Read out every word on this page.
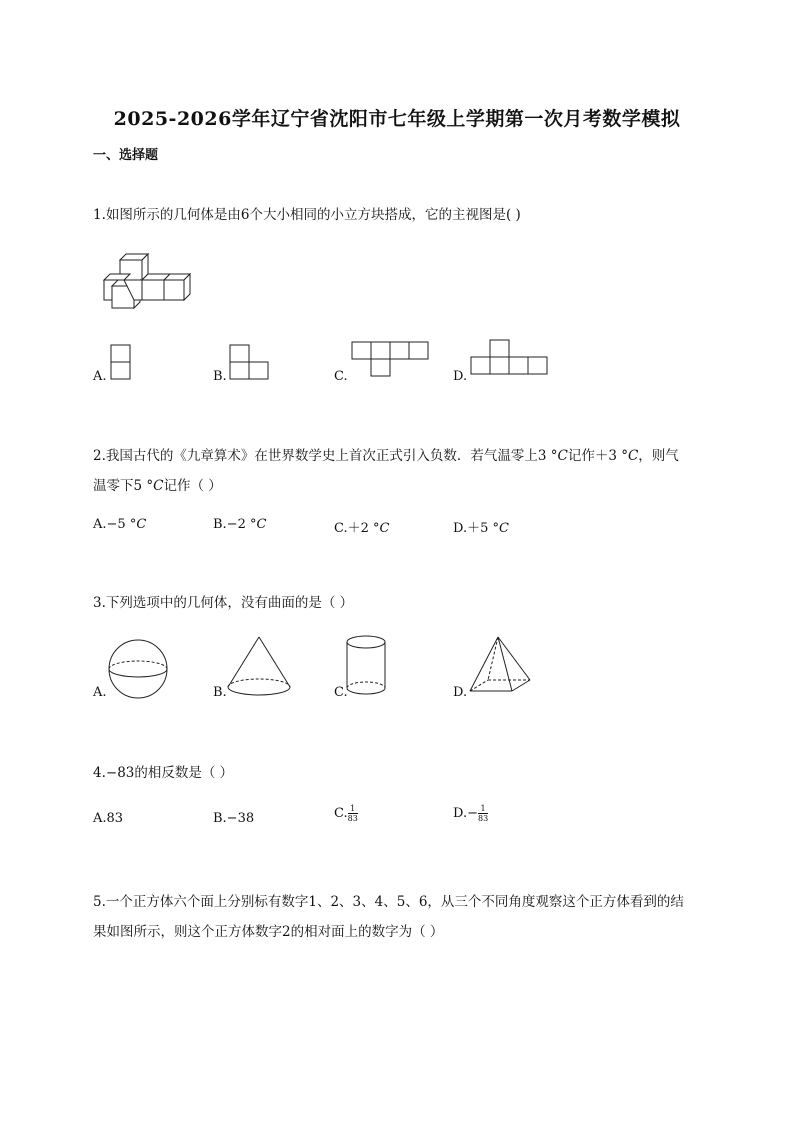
2025-2026学年辽宁省沈阳市七年级上学期第一次月考数学模拟
一、选择题
1.如图所示的几何体是由6个大小相同的小立方块搭成，它的主视图是( )
A.	B.	C.	D.
2.我国古代的《九章算术》在世界数学史上首次正式引入负数．若气温零上3 °𝐶记作＋3 °𝐶，则气
温零下5 °𝐶记作（ ）
A.−5 °𝐶	B.−2 °𝐶	C.＋2 °𝐶	D.＋5 °𝐶
3.下列选项中的几何体，没有曲面的是（ ）
A.	B.	C.	D.
4.−83的相反数是（ ）
A.83	B.−38	C. $\frac{1}{83}$	$D.- \frac{1}{83}$
5.一个正方体六个面上分别标有数字1、2、3、4、5、6，从三个不同角度观察这个正方体看到的结
果如图所示，则这个正方体数字2的相对面上的数字为（ ）
